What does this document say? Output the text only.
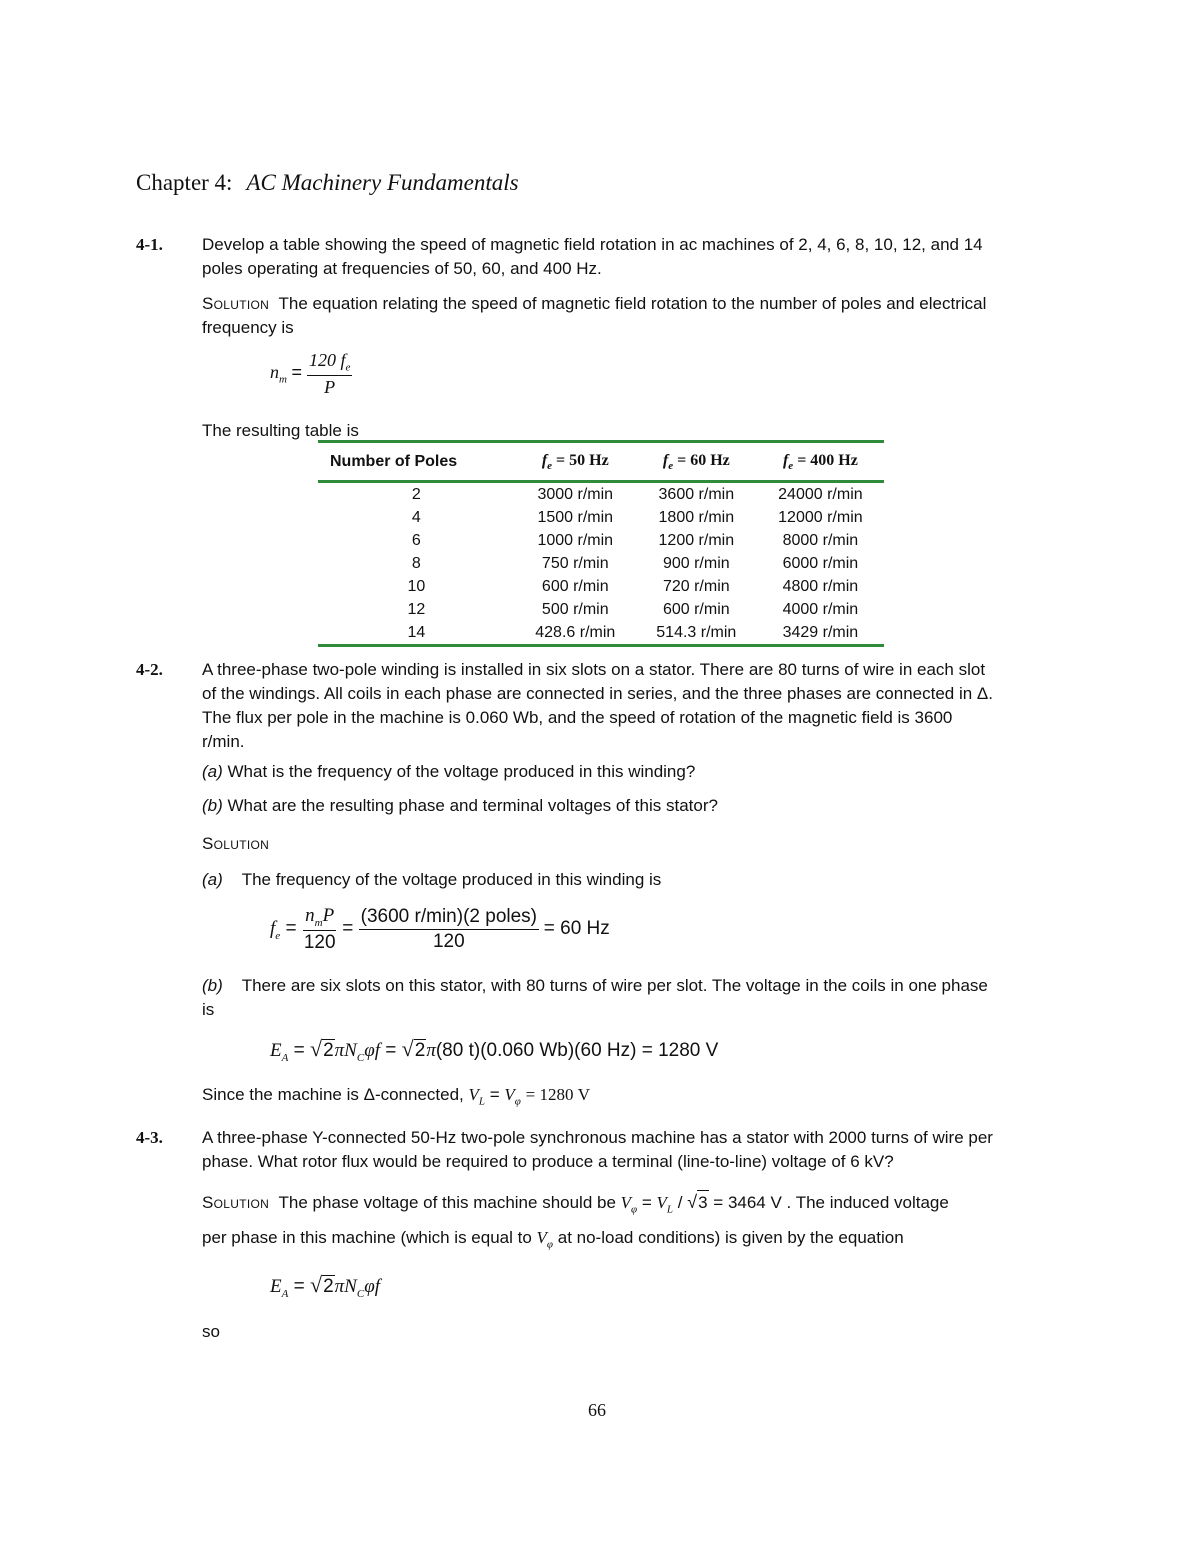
Chapter 4: AC Machinery Fundamentals
4-1. Develop a table showing the speed of magnetic field rotation in ac machines of 2, 4, 6, 8, 10, 12, and 14
poles operating at frequencies of 50, 60, and 400 Hz.
Solution The equation relating the speed of magnetic field rotation to the number of poles and electrical
frequency is
$n_m = \frac{120 f_e}{P}$
The resulting table is
Number of Poles	$f_e = 50$ Hz	$f_e = 60$ Hz	$f_e = 400$ Hz
2	3000 r/min	3600 r/min	24000 r/min
4	1500 r/min	1800 r/min	12000 r/min
6	1000 r/min	1200 r/min	8000 r/min
8	750 r/min	900 r/min	6000 r/min
10	600 r/min	720 r/min	4800 r/min
12	500 r/min	600 r/min	4000 r/min
14	428.6 r/min	514.3 r/min	3429 r/min
4-2. A three-phase two-pole winding is installed in six slots on a stator. There are 80 turns of wire in each slot
of the windings. All coils in each phase are connected in series, and the three phases are connected in Δ.
The flux per pole in the machine is 0.060 Wb, and the speed of rotation of the magnetic field is 3600
r/min.
(a) What is the frequency of the voltage produced in this winding?
(b) What are the resulting phase and terminal voltages of this stator?
Solution
(a) The frequency of the voltage produced in this winding is
$f_e = \frac{n_mP}{120} = \frac{\text{(3600 r/min)(2 poles)}}{120} = 60$ Hz
(b) There are six slots on this stator, with 80 turns of wire per slot. The voltage in the coils in one phase
is
$E_A = √2\pi N_C\varphi f = √2\pi(80$ t)(0.060 Wb)(60 Hz) = 1280 V
Since the machine is Δ-connected, $V_L = V_\varphi = 1280$ V
4-3. A three-phase Y-connected 50-Hz two-pole synchronous machine has a stator with 2000 turns of wire per
phase. What rotor flux would be required to produce a terminal (line-to-line) voltage of 6 kV?
Solution The phase voltage of this machine should be $V_\varphi = V_L / √3 = 3464$ V . The induced voltage
per phase in this machine (which is equal to $V_\varphi$ at no-load conditions) is given by the equation
$E_A = √2\pi N_C\varphi f$
so
66
